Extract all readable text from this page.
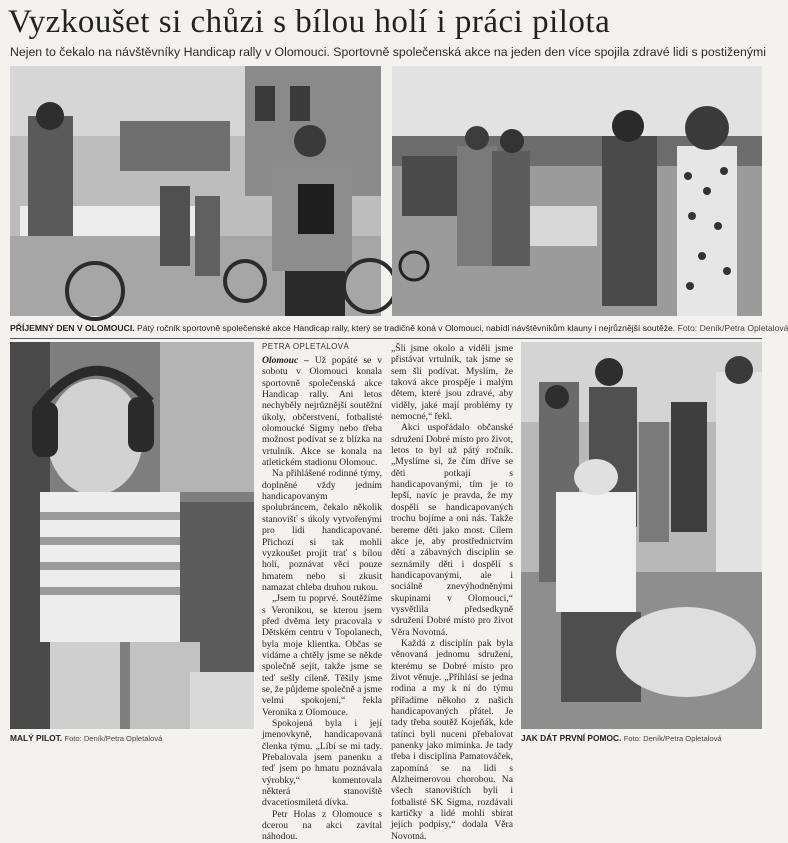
Vyzkoušet si chůzi s bílou holí i práci pilota
Nejen to čekalo na návštěvníky Handicap rally v Olomouci. Sportovně společenská akce na jeden den více spojila zdravé lidi s postiženými
PŘÍJEMNÝ DEN V OLOMOUCI. Pátý ročník sportovně společenské akce Handicap rally, který se tradičně koná v Olomouci, nabídl návštěvníkům klauny i nejrůznější soutěže. Foto: Deník/Petra Opletalová
MALÝ PILOT. Foto: Deník/Petra Opletalová
PETRA OPLETALOVÁ

Olomouc – Už popáté se v sobotu v Olomouci konala sportovně společenská akce Handicap rally. Ani letos nechyběly nejrůznější soutěžní úkoly, občerstvení, fotbalisté olomoucké Sigmy nebo třeba možnost podívat se z blízka na vrtulník. Akce se konala na atletickém stadionu Olomouc.

Na přihlášené rodinné týmy, doplněné vždy jedním handicapovaným spolubráncem, čekalo několik stanovišť s úkoly vytvořenými pro lidi handicapované. Přichozí si tak mohli vyzkoušet projít trať s bílou holí, poznávat věci pouze hmatem nebo si zkusit namazat chleba druhou rukou.

„Jsem tu poprvé. Soutěžíme s Veronikou, se kterou jsem před dvěma lety pracovala v Dětském centru v Topolanech, byla moje klientka. Občas se vídáme a chtěly jsme se někde společně sejít, takže jsme se teď sešly cíleně. Těšily jsme se, že půjdeme společně a jsme velmi spokojeni,“ řekla Veronika z Olomouce.

Spokojená byla i její jmenovkyně, handicapovaná členka týmu. „Líbí se mi tady. Přebalovala jsem panenku a teď jsem po hmatu poznávala výrobky,“ komentovala některá stanoviště dvacetiosmiletá dívka.

Petr Holas z Olomouce s dcerou na akci zavítal náhodou.

„Šli jsme okolo a viděli jsme přistávat vrtulník, tak jsme se sem šli podívat. Myslím, že taková akce prospěje i malým dětem, které jsou zdravé, aby viděly, jaké mají problémy ty nemocné,“ řekl.

Akci uspořádalo občanské sdružení Dobré místo pro život, letos to byl už pátý ročník. „Myslíme si, že čím dříve se děti potkají s handicapovanými, tím je to lepší, navíc je pravda, že my dospělí se handicapovaných trochu bojíme a oni nás. Takže bereme děti jako most. Cílem akce je, aby prostřednictvím dětí a zábavných disciplín se seznámily děti i dospělí s handicapovanými, ale i sociálně znevýhodněnými skupinami v Olomouci,“ vysvětlila předsedkyně sdružení Dobré místo pro život Věra Novotná.

Každá z disciplín pak byla věnovaná jednomu sdružení, kterému se Dobré místo pro život věnuje. „Přihlásí se jedna rodina a my k ní do týmu přiřadíme někoho z našich handicapovaných přátel. Je tady třeba soutěž Kojeňák, kde tatínci byli nuceni přebalovat panenky jako miminka. Je tady třeba i disciplína Pamatováček, zapomíná se na lidi s Alzheimerovou chorobou. Na všech stanovištích byli i fotbalisté SK Sigma, rozdávali kartičky a lidé mohli sbírat jejich podpisy,“ dodala Věra Novotná.

JAK DÁT PRVNÍ POMOC. Foto: Deník/Petra Opletalová
